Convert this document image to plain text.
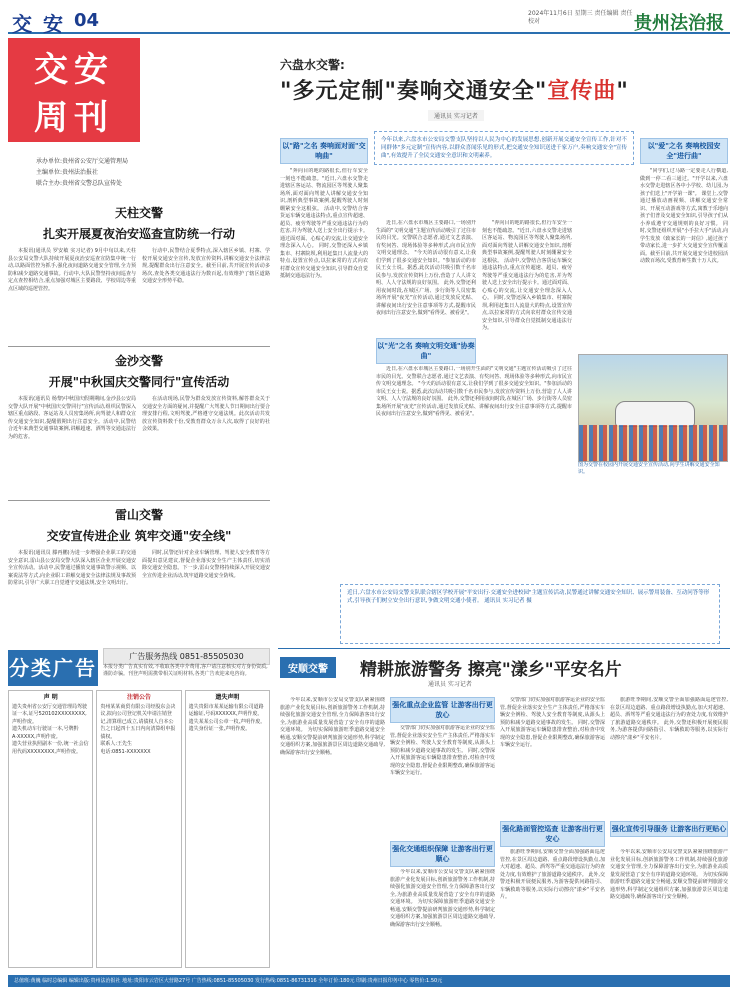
交 安 04	2024年11月6日 星期三 责任编辑 责任校对	贵州法治报
交安
周刊
承办单位:贵州省公安厅交通管理局
主编单位:贵州法治报社
联合主办:贵州省交警总队宣传处
天柱交警
扎实开展夏夜治安巡查宣防统一行动

本报讯(通讯员 罗安敏 实习记者) 9月中旬以来,天柱县公安局交警大队持续开展夏夜治安巡查宣防集中统一行动,以路面管控为抓手,强化夜间道路交通安全管理,全力预防和减少道路交通事故。行动中,大队民警坚持夜间巡查与定点查控相结合,重点加强对城区主要路段、学校周边等重点区域的巡逻管控。

行动中,民警结合夏季特点,深入辖区乡镇、村寨、学校开展交通安全宣传,发放宣传资料,讲解交通安全法律法规,提醒群众出行注意安全。截至目前,共开展宣传活动多场次,查处各类交通违法行为数百起,有效维护了辖区道路交通安全形势平稳。

金沙交警
开展"中秋国庆交警同行"宣传活动

本报讯(通讯员 杨黎)中秋国庆假期期间,金沙县公安局交警大队开展"中秋国庆交警同行"宣传活动,组织民警深入辖区重点路段、客运站及人员密集场所,向驾驶人和群众宣传交通安全知识,提醒假期出行注意安全。活动中,民警结合近年来典型交通事故案例,讲解超速、酒驾等交通违法行为的危害。

在活动现场,民警为群众发放宣传资料,解答群众关于交通安全方面的疑问,并提醒广大驾驶人节日期间出行要合理安排行程,文明驾驶,严格遵守交通法规。此次活动共发放宣传资料数千份,受教育群众万余人次,取得了良好的社会效果。

雷山交警
交安宣传进企业 筑牢交通"安全线"

本报讯(通讯员 滕再鹏)为进一步增强企业职工的交通安全意识,雷山县公安局交警大队深入辖区企业开展交通安全宣传活动。活动中,民警通过播放交通事故警示视频、以案说法等方式,向企业职工讲解交通安全法律法规及事故预防常识,引导广大职工自觉遵守交通法规,安全文明出行。

同时,民警还针对企业车辆管理、驾驶人安全教育等方面提出意见建议,督促企业落实安全生产主体责任,切实消除交通安全隐患。下一步,雷山交警将持续深入开展交通安全宣传进企业活动,筑牢道路交通安全防线。

广告服务热线 0851-85505030
分类广告 本报分类广告真实有效,不收取各类中介费用,客户请注意核实对方身份资质,谨防诈骗。刊登声明需携带相关证明材料,各类广告欢迎来电咨询。
声 明
遗失贵州省公安厅交通管理局驾驶证一本,证号520102XXXXXXXX,声明作废。
遗失机动车行驶证一本,号牌黔A·XXXXX,声明作废。
遗失营业执照副本一份,统一社会信用代码XXXXXXXX,声明作废。
注销公告
贵州某某商贸有限公司经股东会决议,拟向公司登记机关申请注销登记,清算组已成立,请债权人自本公告之日起四十五日内向清算组申报债权。
联系人:王先生
电话:0851-XXXXXXX
遗失声明
遗失贵阳市某某运输有限公司道路运输证,号码XXXXXX,声明作废。
遗失某某公司公章一枚,声明作废。
遗失身份证一张,声明作废。
六盘水交警:
"多元定制"奏响交通安全"宣传曲"
通讯员 实习记者
今年以来,六盘水市公安局交警支队坚持以人民为中心的发展思想,创新开展交通安全宣传工作,针对不同群体"多元定制"宣传内容,以群众喜闻乐见的形式,把交通安全知识送进千家万户,奏响交通安全"宣传曲",有效提升了全民交通安全意识和文明素养。
以"路"之名 奏响面对面"交响曲"
"奔向目的地的路很长,但行车安全一刻也不能疏忽。"近日,六盘水交警走进辖区客运站、物流园区等驾驶人聚集场所,面对面向驾驶人讲解交通安全知识,剖析典型事故案例,提醒驾驶人时刻绷紧安全这根弦。 活动中,交警结合客货运车辆交通违法特点,重点宣传超速、超员、疲劳驾驶等严重交通违法行为的危害,并为驾驶人送上安全出行提示卡。通过面对面、心贴心的交流,让交通安全理念深入人心。 同时,交警还深入乡镇集市、村寨院坝,利用赶集日人流量大的特点,设置宣传点,以拉家常的方式向农村群众宣传交通安全知识,引导群众自觉抵制交通违法行为。
以"光"之名 奏响文明交通"协奏曲"
近日,在六盘水市城区主要路口,一场别开生面的"文明交通"主题宣传活动吸引了过往市民的目光。交警联合志愿者,通过文艺表演、有奖问答、现场体验等多种形式,向市民宣传文明交通理念。 "今天的活动很有意义,让我们学到了很多交通安全知识。"参加活动的市民王女士说。据悉,此次活动共吸引数千名市民参与,发放宣传资料上万份,营造了人人讲文明、人人守法规的良好氛围。 此外,交警还利用夜间时段,在城区广场、步行街等人员密集场所开展"夜光"宣传活动,通过发放反光贴、讲解夜间出行安全注意事项等方式,提醒市民夜间出行注意安全,做到"看得见、被看见"。
近日,在六盘水市城区主要路口,一场别开生面的"文明交通"主题宣传活动吸引了过往市民的目光。交警联合志愿者,通过文艺表演、有奖问答、现场体验等多种形式,向市民宣传文明交通理念。 "今天的活动很有意义,让我们学到了很多交通安全知识。"参加活动的市民王女士说。据悉,此次活动共吸引数千名市民参与,发放宣传资料上万份,营造了人人讲文明、人人守法规的良好氛围。 此外,交警还利用夜间时段,在城区广场、步行街等人员密集场所开展"夜光"宣传活动,通过发放反光贴、讲解夜间出行安全注意事项等方式,提醒市民夜间出行注意安全,做到"看得见、被看见"。
"奔向目的地的路很长,但行车安全一刻也不能疏忽。"近日,六盘水交警走进辖区客运站、物流园区等驾驶人聚集场所,面对面向驾驶人讲解交通安全知识,剖析典型事故案例,提醒驾驶人时刻绷紧安全这根弦。 活动中,交警结合客货运车辆交通违法特点,重点宣传超速、超员、疲劳驾驶等严重交通违法行为的危害,并为驾驶人送上安全出行提示卡。通过面对面、心贴心的交流,让交通安全理念深入人心。 同时,交警还深入乡镇集市、村寨院坝,利用赶集日人流量大的特点,设置宣传点,以拉家常的方式向农村群众宣传交通安全知识,引导群众自觉抵制交通违法行为。
以"爱"之名 奏响校园安全"进行曲"
"同学们,过马路一定要走人行横道,做到一停二看三通过。"开学以来,六盘水交警走进辖区各中小学校、幼儿园,为孩子们送上"开学第一课"。 课堂上,交警通过播放动画视频、讲解交通安全常识、开展互动游戏等方式,寓教于乐地向孩子们普及交通安全知识,引导孩子们从小养成遵守交通规则的良好习惯。 同时,交警还组织开展"小手拉大手"活动,向学生发放《致家长的一封信》,通过孩子带动家长,进一步扩大交通安全宣传覆盖面。截至目前,共开展交通安全进校园活动数百场次,受教育师生数十万人次。
图为交警在校园内开展交通安全宣传活动,向学生讲解交通安全知识。
近日,六盘水市公安局交警支队联合辖区学校开展"平安出行·交通安全进校园"主题宣传活动,民警通过讲解交通安全知识、展示警用装备、互动问答等形式,引导孩子们树立安全出行意识,争做文明交通小使者。 通讯员 实习记者 摄
安顺交警	精耕旅游警务 擦亮"漾乡"平安名片
通讯员 实习记者
今年以来,安顺市公安局交警支队紧紧围绕旅游产业化发展目标,创新旅游警务工作机制,持续强化旅游交通安全管理,全力保障游客出行安全,为旅游业高质量发展营造了安全有序的道路交通环境。 为切实保障旅游旺季道路交通安全畅通,安顺交警提前研判旅游交通形势,科学制定交通组织方案,加强旅游景区周边道路交通疏导,确保游客出行安全顺畅。
强化重点企业监管 让游客出行更放心
交警部门切实加强对旅游客运企业的安全监管,督促企业落实安全生产主体责任,严格落实车辆安全例检、驾驶人安全教育等制度,从源头上预防和减少道路交通事故的发生。 同时,交警深入开展旅游客运车辆隐患排查整治,对检查中发现的安全隐患,督促企业限期整改,确保旅游客运车辆安全运行。
强化交通组织保障 让游客出行更顺心
今年以来,安顺市公安局交警支队紧紧围绕旅游产业化发展目标,创新旅游警务工作机制,持续强化旅游交通安全管理,全力保障游客出行安全,为旅游业高质量发展营造了安全有序的道路交通环境。 为切实保障旅游旺季道路交通安全畅通,安顺交警提前研判旅游交通形势,科学制定交通组织方案,加强旅游景区周边道路交通疏导,确保游客出行安全顺畅。
交警部门切实加强对旅游客运企业的安全监管,督促企业落实安全生产主体责任,严格落实车辆安全例检、驾驶人安全教育等制度,从源头上预防和减少道路交通事故的发生。 同时,交警深入开展旅游客运车辆隐患排查整治,对检查中发现的安全隐患,督促企业限期整改,确保旅游客运车辆安全运行。
强化路面管控巡查 让游客出行更安心
旅游旺季期间,安顺交警全面加强路面巡逻管控,在景区周边道路、重点路段增设执勤点,加大对超速、超员、酒驾等严重交通违法行为的查处力度,有效维护了旅游道路交通秩序。 此外,交警还积极开展便民服务,为游客提供问路指引、车辆救助等服务,以实际行动擦亮"漾乡"平安名片。
旅游旺季期间,安顺交警全面加强路面巡逻管控,在景区周边道路、重点路段增设执勤点,加大对超速、超员、酒驾等严重交通违法行为的查处力度,有效维护了旅游道路交通秩序。 此外,交警还积极开展便民服务,为游客提供问路指引、车辆救助等服务,以实际行动擦亮"漾乡"平安名片。
强化宣传引导服务 让游客出行更贴心
今年以来,安顺市公安局交警支队紧紧围绕旅游产业化发展目标,创新旅游警务工作机制,持续强化旅游交通安全管理,全力保障游客出行安全,为旅游业高质量发展营造了安全有序的道路交通环境。 为切实保障旅游旺季道路交通安全畅通,安顺交警提前研判旅游交通形势,科学制定交通组织方案,加强旅游景区周边道路交通疏导,确保游客出行安全顺畅。
总值班:黄巍 临时总编辑 编辑出版:贵州法治报社 地址:贵阳市云岩区大营路27号 广告热线:0851-85505030 发行热线:0851-86731316 全年订价:180元 印刷:贵州日报印务中心 零售价:1.50元
